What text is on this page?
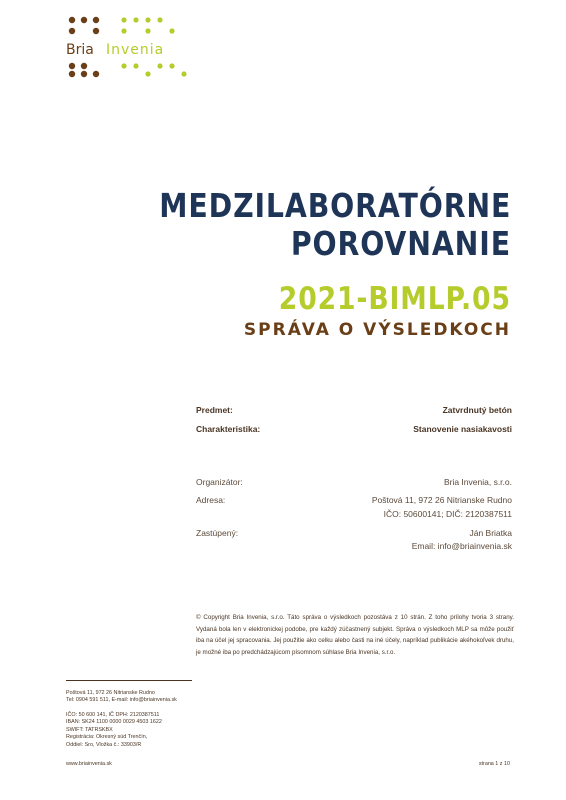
Bria Invenia
MEDZILABORATÓRNE
POROVNANIE
2021-BIMLP.05
SPRÁVA O VÝSLEDKOCH
Predmet:	Zatvrdnutý betón
Charakteristika:	Stanovenie nasiakavosti
Organizátor:	Bria Invenia, s.r.o.
Adresa:	Poštová 11, 972 26 Nitrianske Rudno
IČO: 50600141; DIČ: 2120387511
Zastúpený:	Ján Briatka
Email: info@briainvenia.sk

© Copyright Bria Invenia, s.r.o. Táto správa o výsledkoch pozostáva z 10 strán. Z toho prílohy tvoria 3 strany. Vydaná bola len v elektronickej podobe, pre každý zúčastnený subjekt. Správa o výsledkoch MLP sa môže použiť iba na účel jej spracovania. Jej použitie ako celku alebo časti na iné účely, napríklad publikácie akéhokoľvek druhu, je možné iba po predchádzajúcom písomnom súhlase Bria Invenia, s.r.o.

Poštová 11, 972 26 Nitrianske Rudno
Tel: 0904 591 511, E-mail: info@briainvenia.sk
IČO: 50 600 141, IČ DPH: 2120387511
IBAN: SK24 1100 0000 0029 4503 1622
SWIFT: TATRSKBX
Registrácia: Okresný súd Trenčín,
Oddiel: Sro, Vložka č.: 33903/R
www.briainvenia.sk	strana 1 z 10
